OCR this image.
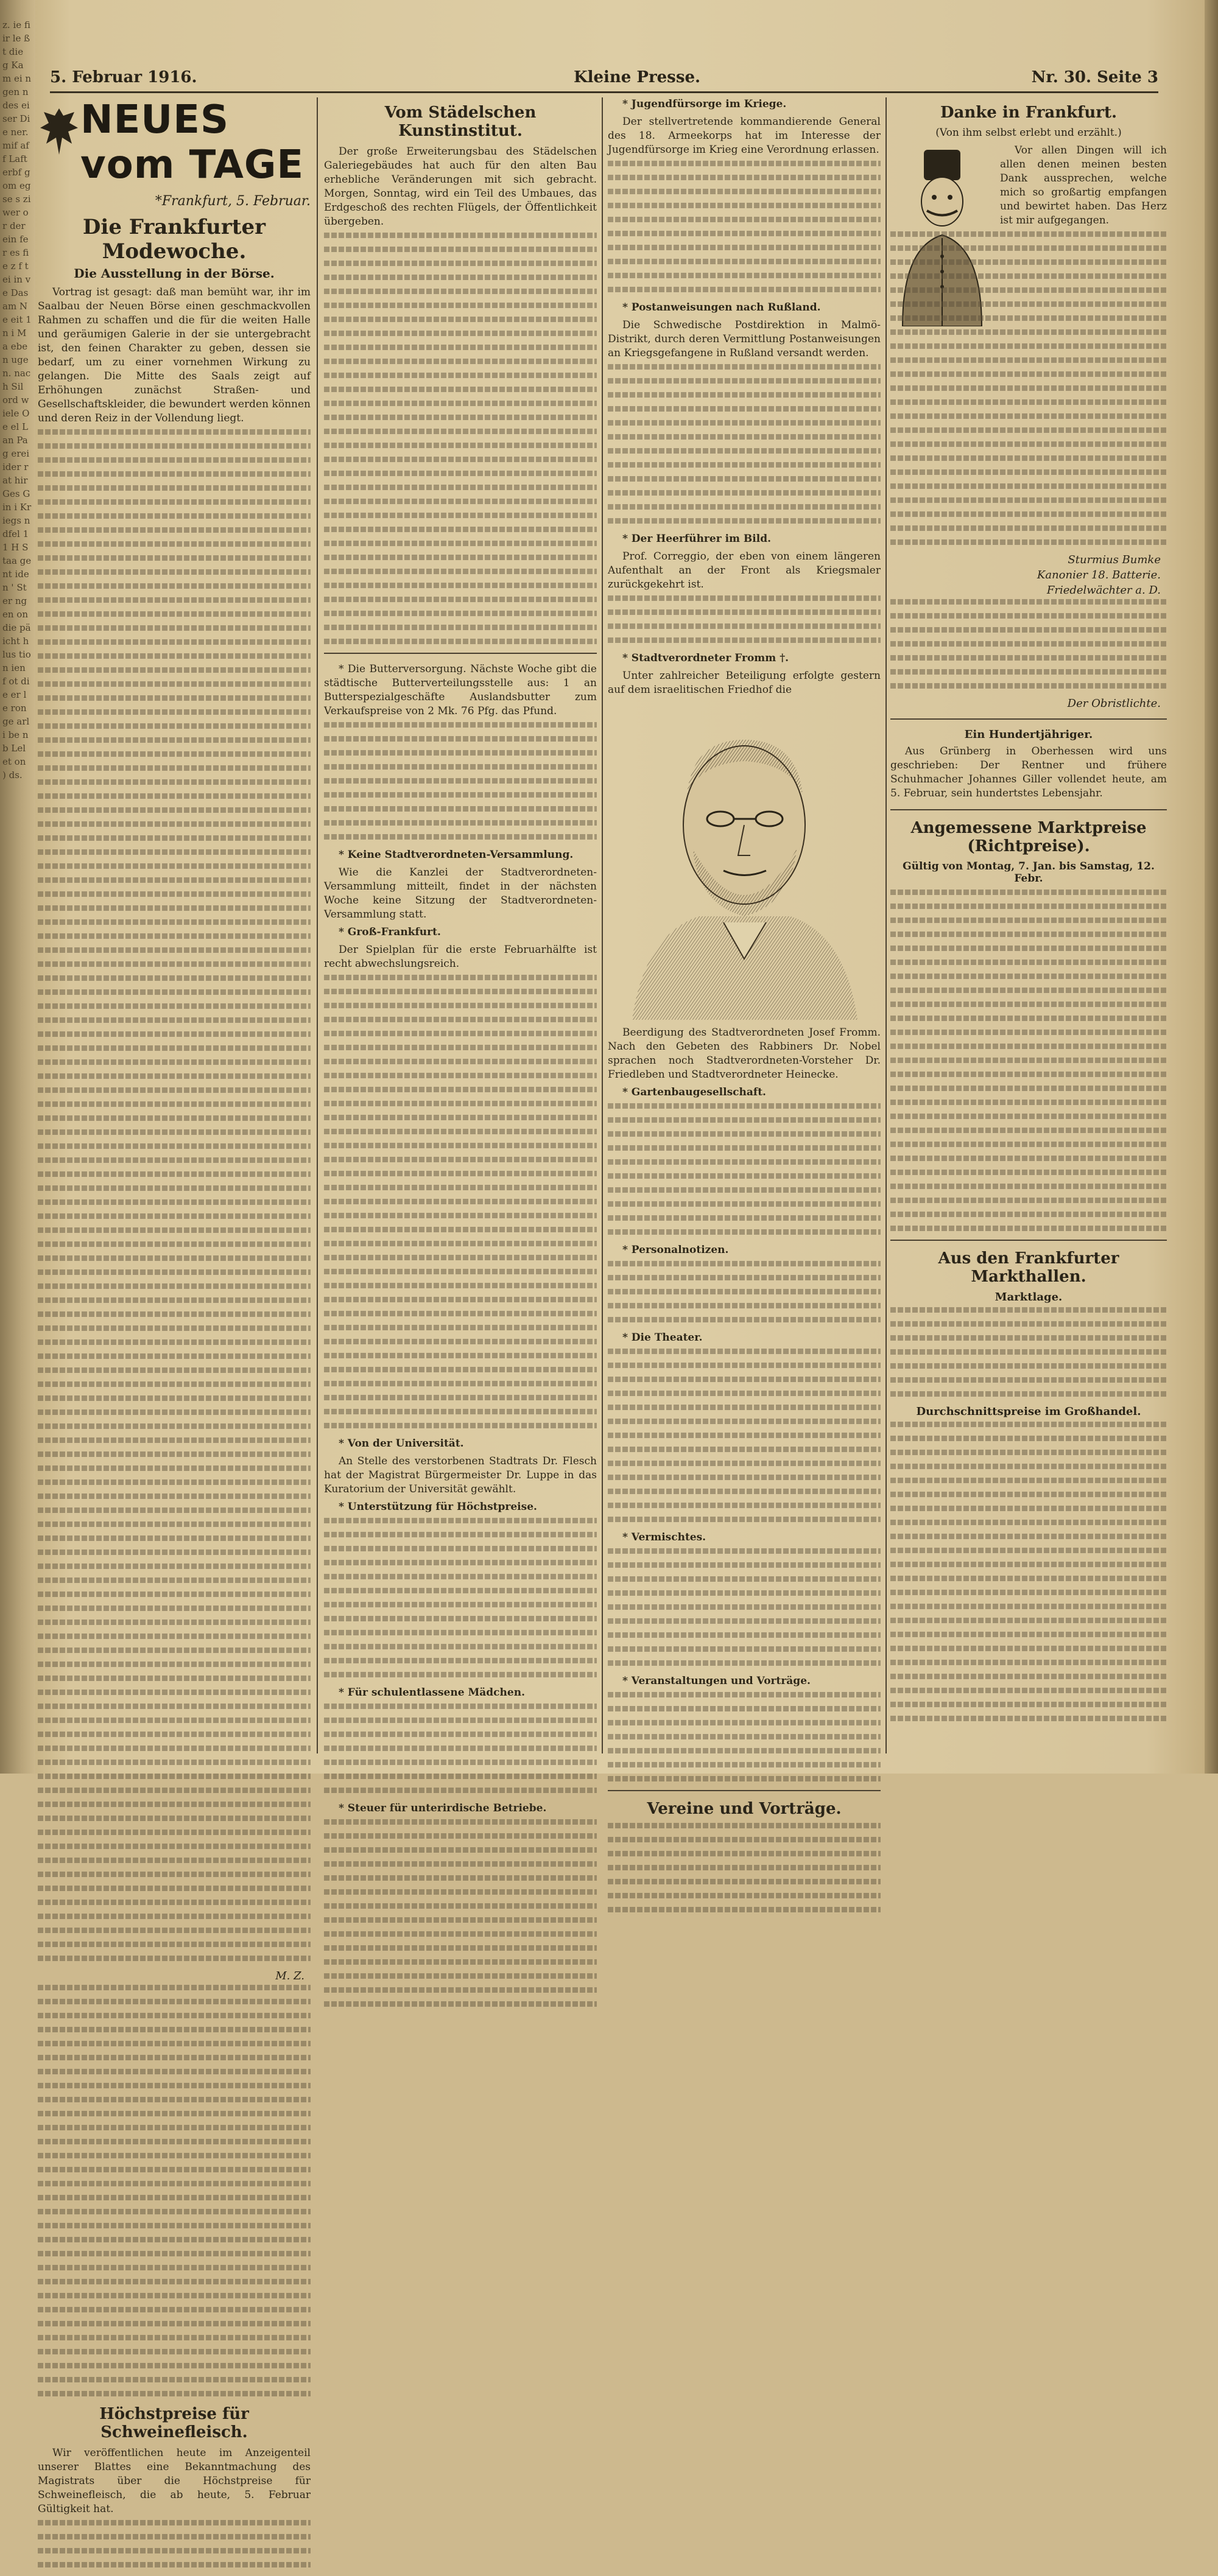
z. ie fi ir le ßt die g Kam ei ngen ndes eiser Die ner. mif aff Laft erbf gom eg se s zi wer or der ein fer es fie z f tei in ve Das am Ne eit 1 n i Ma eben ugen. nach Sil ord wiele Oe el Lan Pag erei ider rat hir Ges Gin i Kriegs ndfel 11 H Staa gent iden ' Ster ngen on die pä icht hlus tion ien f ot die er le ron ge arli be nb Lel et on ) ds.
5. Februar 1916.	Kleine Presse.	Nr. 30. Seite 3
NEUES vom TAGE
*Frankfurt, 5. Februar.
Die Frankfurter Modewoche.
Die Ausstellung in der Börse.

Vortrag ist gesagt: daß man bemüht war, ihr im Saalbau der Neuen Börse einen geschmackvollen Rahmen zu schaffen und die für die weiten Halle und geräumigen Galerie in der sie untergebracht ist, den feinen Charakter zu geben, dessen sie bedarf, um zu einer vornehmen Wirkung zu gelangen. Die Mitte des Saals zeigt auf Erhöhungen zunächst Straßen- und Gesellschaftskleider, die bewundert werden können und deren Reiz in der Vollendung liegt.

M. Z.
Höchstpreise für Schweinefleisch.

Wir veröffentlichen heute im Anzeigenteil unserer Blattes eine Bekanntmachung des Magistrats über die Höchstpreise für Schweinefleisch, die ab heute, 5. Februar Gültigkeit hat.

Vom Städelschen Kunstinstitut.

Der große Erweiterungsbau des Städelschen Galeriegebäudes hat auch für den alten Bau erhebliche Veränderungen mit sich gebracht. Morgen, Sonntag, wird ein Teil des Umbaues, das Erdgeschoß des rechten Flügels, der Öffentlichkeit übergeben.

* Die Butterversorgung. Nächste Woche gibt die städtische Butterverteilungsstelle aus: 1 an Butterspezialgeschäfte Auslandsbutter zum Verkaufspreise von 2 Mk. 76 Pfg. das Pfund.

* Keine Stadtverordneten-Versammlung.

Wie die Kanzlei der Stadtverordneten-Versammlung mitteilt, findet in der nächsten Woche keine Sitzung der Stadtverordneten-Versammlung statt.

* Groß-Frankfurt.

Der Spielplan für die erste Februarhälfte ist recht abwechslungsreich.

* Von der Universität.

An Stelle des verstorbenen Stadtrats Dr. Flesch hat der Magistrat Bürgermeister Dr. Luppe in das Kuratorium der Universität gewählt.

* Unterstützung für Höchstpreise.

* Für schulentlassene Mädchen.

* Steuer für unterirdische Betriebe.

* Jugendfürsorge im Kriege.

Der stellvertretende kommandierende General des 18. Armeekorps hat im Interesse der Jugendfürsorge im Krieg eine Verordnung erlassen.

* Postanweisungen nach Rußland.

Die Schwedische Postdirektion in Malmö-Distrikt, durch deren Vermittlung Postanweisungen an Kriegsgefangene in Rußland versandt werden.

* Der Heerführer im Bild.

Prof. Correggio, der eben von einem längeren Aufenthalt an der Front als Kriegsmaler zurückgekehrt ist.

* Stadtverordneter Fromm †.

Unter zahlreicher Beteiligung erfolgte gestern auf dem israelitischen Friedhof die

Beerdigung des Stadtverordneten Josef Fromm. Nach den Gebeten des Rabbiners Dr. Nobel sprachen noch Stadtverordneten-Vorsteher Dr. Friedleben und Stadtverordneter Heinecke.

* Gartenbaugesellschaft.

* Personalnotizen.

* Die Theater.

* Vermischtes.

* Veranstaltungen und Vorträge.

Vereine und Vorträge.
Danke in Frankfurt.

(Von ihm selbst erlebt und erzählt.)

Vor allen Dingen will ich allen denen meinen besten Dank aussprechen, welche mich so großartig empfangen und bewirtet haben. Das Herz ist mir aufgegangen.

Sturmius Bumke
Kanonier 18. Batterie.
Friedelwächter a. D.
Der Obristlichte.
Ein Hundertjähriger.

Aus Grünberg in Oberhessen wird uns geschrieben: Der Rentner und frühere Schuhmacher Johannes Giller vollendet heute, am 5. Februar, sein hundertstes Lebensjahr.

Angemessene Marktpreise (Richtpreise).

Gültig von Montag, 7. Jan. bis Samstag, 12. Febr.

Aus den Frankfurter Markthallen.
Marktlage.
Durchschnittspreise im Großhandel.
